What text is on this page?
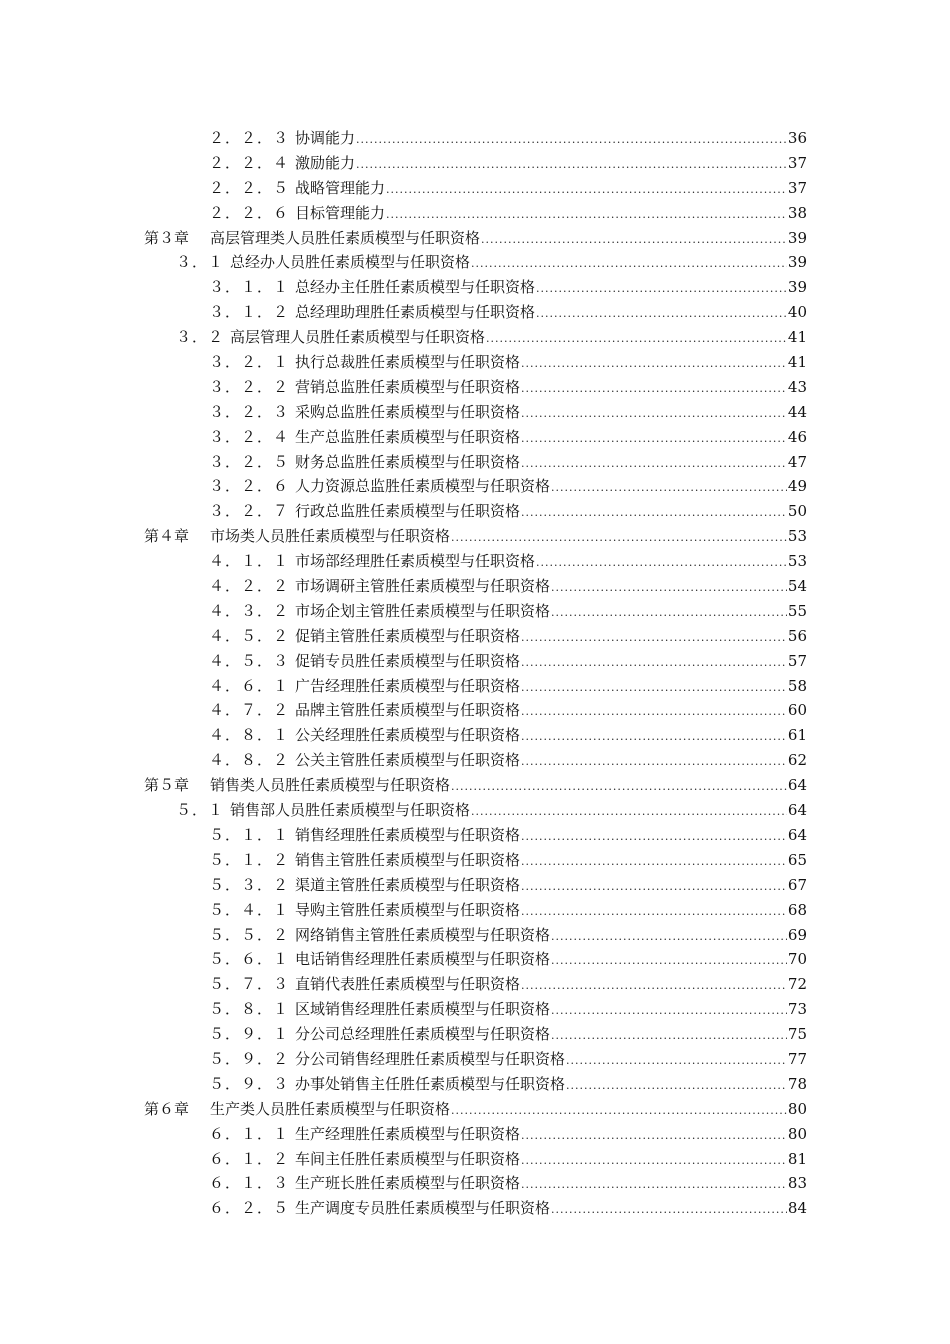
２．２．３ 协调能力 .....	36
２．２．４ 激励能力 .....	37
２．２．５ 战略管理能力 .....	37
２．２．６ 目标管理能力 .....	38
第３章	高层管理类人员胜任素质模型与任职资格 .....	39
３．１ 总经办人员胜任素质模型与任职资格 .....	39
３．１．１ 总经办主任胜任素质模型与任职资格 .....	39
３．１．２ 总经理助理胜任素质模型与任职资格 .....	40
３．２ 高层管理人员胜任素质模型与任职资格 .....	41
３．２．１ 执行总裁胜任素质模型与任职资格 .....	41
３．２．２ 营销总监胜任素质模型与任职资格 .....	43
３．２．３ 采购总监胜任素质模型与任职资格 .....	44
３．２．４ 生产总监胜任素质模型与任职资格 .....	46
３．２．５ 财务总监胜任素质模型与任职资格 .....	47
３．２．６ 人力资源总监胜任素质模型与任职资格 .....	49
３．２．７ 行政总监胜任素质模型与任职资格 .....	50
第４章	市场类人员胜任素质模型与任职资格 .....	53
４．１．１ 市场部经理胜任素质模型与任职资格 .....	53
４．２．２ 市场调研主管胜任素质模型与任职资格 .....	54
４．３．２ 市场企划主管胜任素质模型与任职资格 .....	55
４．５．２ 促销主管胜任素质模型与任职资格 .....	56
４．５．３ 促销专员胜任素质模型与任职资格 .....	57
４．６．１ 广告经理胜任素质模型与任职资格 .....	58
４．７．２ 品牌主管胜任素质模型与任职资格 .....	60
４．８．１ 公关经理胜任素质模型与任职资格 .....	61
４．８．２ 公关主管胜任素质模型与任职资格 .....	62
第５章	销售类人员胜任素质模型与任职资格 .....	64
５．１ 销售部人员胜任素质模型与任职资格 .....	64
５．１．１ 销售经理胜任素质模型与任职资格 .....	64
５．１．２ 销售主管胜任素质模型与任职资格 .....	65
５．３．２ 渠道主管胜任素质模型与任职资格 .....	67
５．４．１ 导购主管胜任素质模型与任职资格 .....	68
５．５．２ 网络销售主管胜任素质模型与任职资格 .....	69
５．６．１ 电话销售经理胜任素质模型与任职资格 .....	70
５．７．３ 直销代表胜任素质模型与任职资格 .....	72
５．８．１ 区域销售经理胜任素质模型与任职资格 .....	73
５．９．１ 分公司总经理胜任素质模型与任职资格 .....	75
５．９．２ 分公司销售经理胜任素质模型与任职资格 .....	77
５．９．３ 办事处销售主任胜任素质模型与任职资格 .....	78
第６章	生产类人员胜任素质模型与任职资格 .....	80
６．１．１ 生产经理胜任素质模型与任职资格 .....	80
６．１．２ 车间主任胜任素质模型与任职资格 .....	81
６．１．３ 生产班长胜任素质模型与任职资格 .....	83
６．２．５ 生产调度专员胜任素质模型与任职资格 .....	84
